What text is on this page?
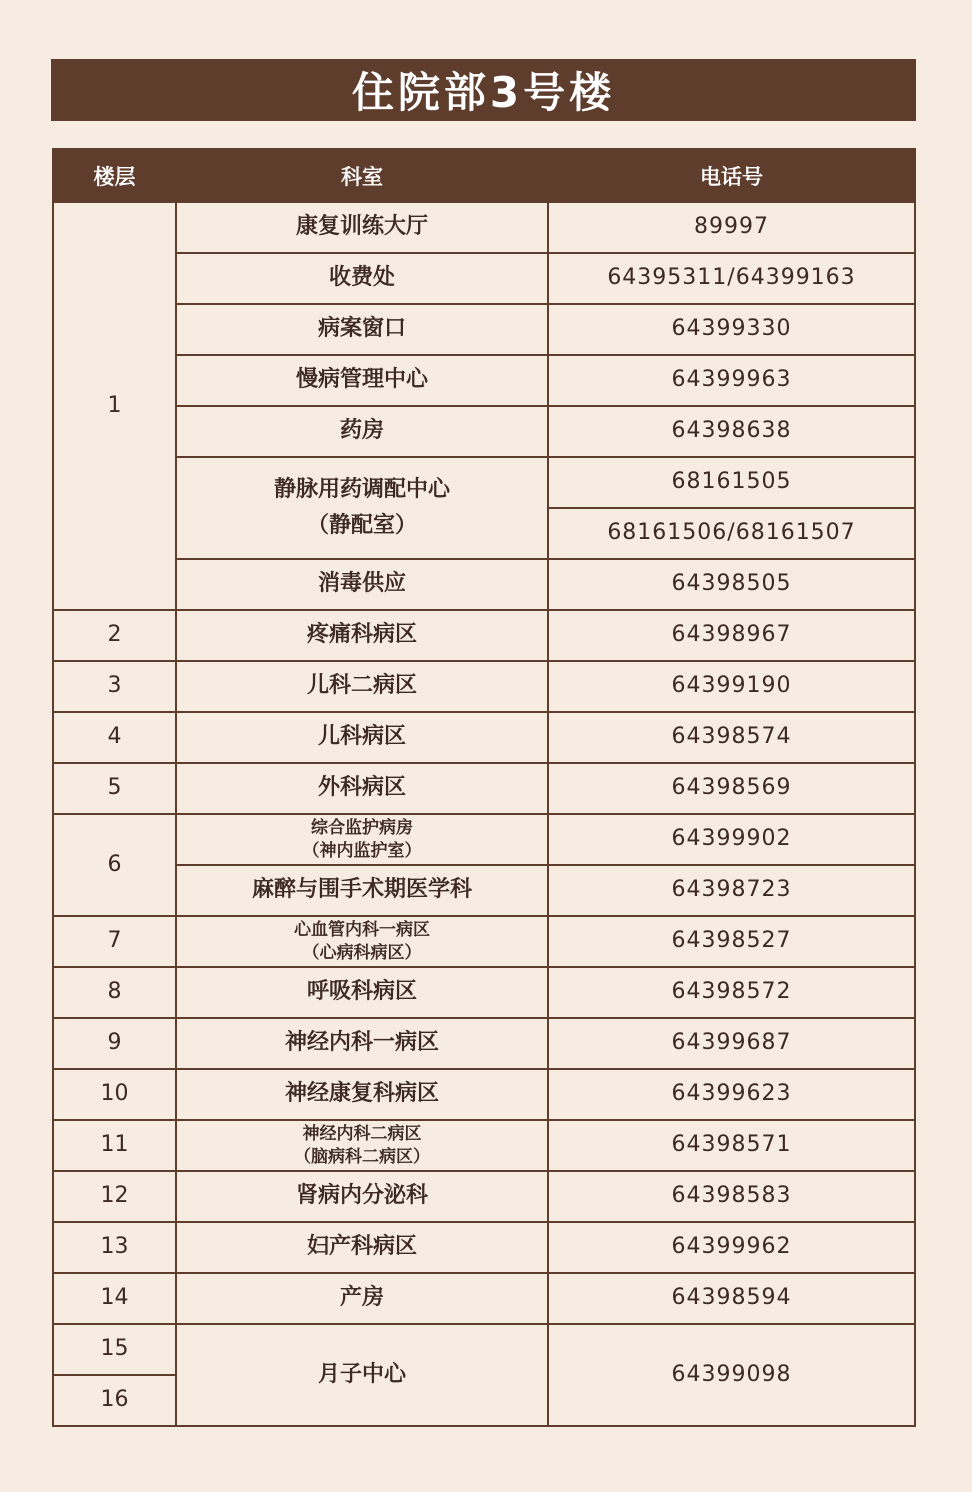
住院部3号楼
楼层	科室	电话号
1	康复训练大厅	89997
	收费处	64395311/64399163
	病案窗口	64399330
	慢病管理中心	64399963
	药房	64398638

	静脉用药调配中心
（静配室）	68161505
		68161506/68161507
	消毒供应	64398505
2	疼痛科病区	64398967
3	儿科二病区	64399190
4	儿科病区	64398574
5	外科病区	64398569
6	综合监护病房
（神内监护室）	64399902
	麻醉与围手术期医学科	64398723
7	心血管内科一病区
（心病科病区）	64398527
8	呼吸科病区	64398572
9	神经内科一病区	64399687
10	神经康复科病区	64399623
11	神经内科二病区
（脑病科二病区）	64398571
12	肾病内分泌科	64398583
13	妇产科病区	64399962
14	产房	64398594
15	月子中心	64399098
16		
